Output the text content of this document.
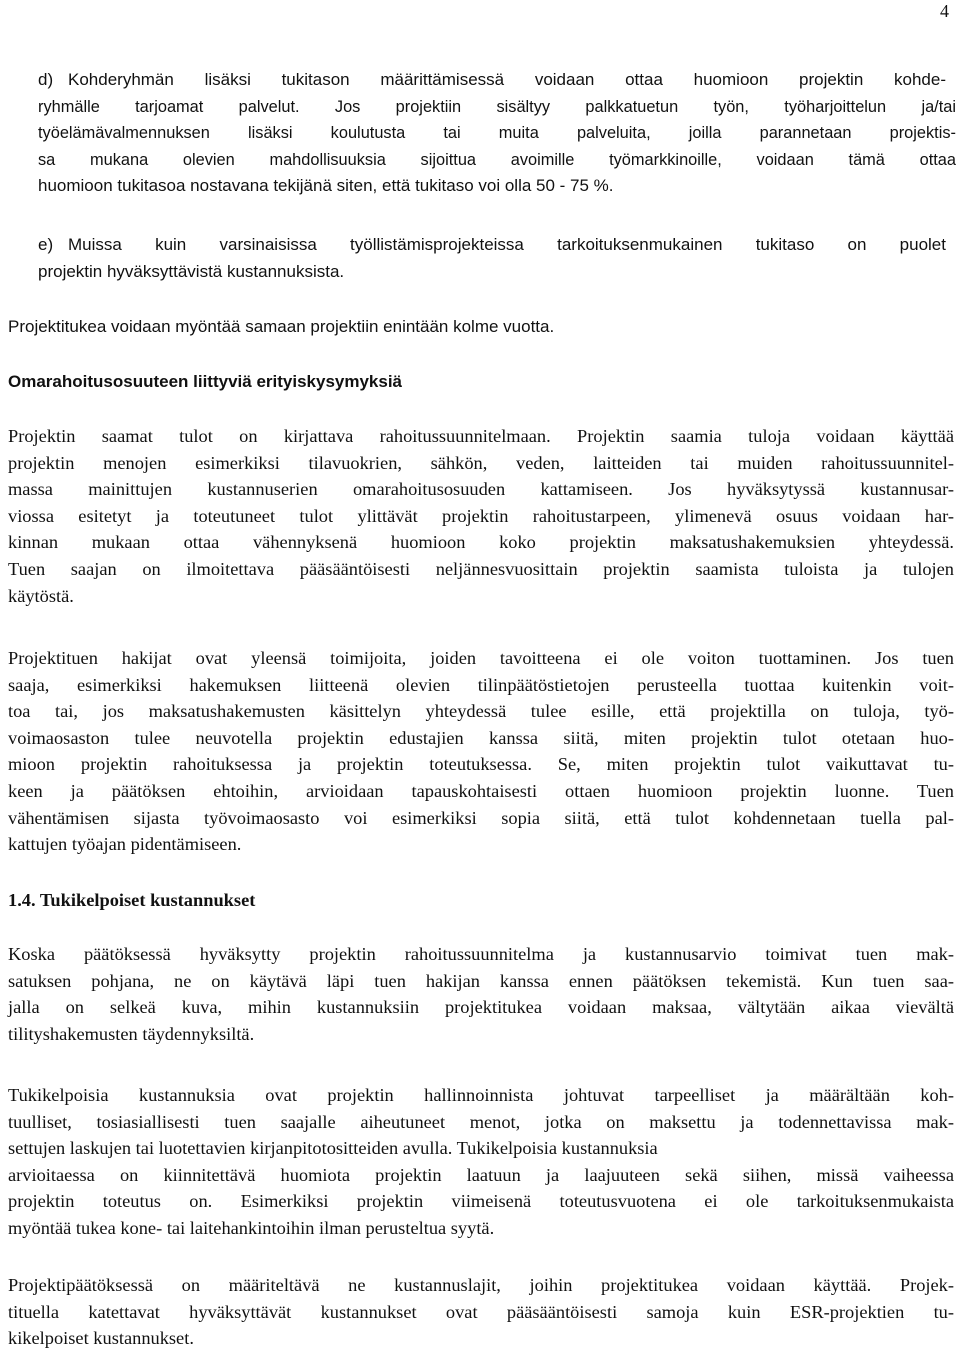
4
d) Kohderyhmän lisäksi tukitason määrittämisessä voidaan ottaa huomioon projektin kohde-
ryhmälle tarjoamat palvelut. Jos projektiin sisältyy palkkatuetun työn, työharjoittelun ja/tai
työelämävalmennuksen lisäksi koulutusta tai muita palveluita, joilla parannetaan projektis-
sa mukana olevien mahdollisuuksia sijoittua avoimille työmarkkinoille, voidaan tämä ottaa
huomioon tukitasoa nostavana tekijänä siten, että tukitaso voi olla 50 - 75 %.
e) Muissa kuin varsinaisissa työllistämisprojekteissa tarkoituksenmukainen tukitaso on puolet
projektin hyväksyttävistä kustannuksista.
Projektitukea voidaan myöntää samaan projektiin enintään kolme vuotta.
Omarahoitusosuuteen liittyviä erityiskysymyksiä
Projektin saamat tulot on kirjattava rahoitussuunnitelmaan. Projektin saamia tuloja voidaan käyttää
projektin menojen esimerkiksi tilavuokrien, sähkön, veden, laitteiden tai muiden rahoitussuunnitel-
massa mainittujen kustannuserien omarahoitusosuuden kattamiseen. Jos hyväksytyssä kustannusar-
viossa esitetyt ja toteutuneet tulot ylittävät projektin rahoitustarpeen, ylimenevä osuus voidaan har-
kinnan mukaan ottaa vähennyksenä huomioon koko projektin maksatushakemuksien yhteydessä.
Tuen saajan on ilmoitettava pääsääntöisesti neljännesvuosittain projektin saamista tuloista ja tulojen
käytöstä.
Projektituen hakijat ovat yleensä toimijoita, joiden tavoitteena ei ole voiton tuottaminen. Jos tuen
saaja, esimerkiksi hakemuksen liitteenä olevien tilinpäätöstietojen perusteella tuottaa kuitenkin voit-
toa tai, jos maksatushakemusten käsittelyn yhteydessä tulee esille, että projektilla on tuloja, työ-
voimaosaston tulee neuvotella projektin edustajien kanssa siitä, miten projektin tulot otetaan huo-
mioon projektin rahoituksessa ja projektin toteutuksessa. Se, miten projektin tulot vaikuttavat tu-
keen ja päätöksen ehtoihin, arvioidaan tapauskohtaisesti ottaen huomioon projektin luonne. Tuen
vähentämisen sijasta työvoimaosasto voi esimerkiksi sopia siitä, että tulot kohdennetaan tuella pal-
kattujen työajan pidentämiseen.
1.4. Tukikelpoiset kustannukset
Koska päätöksessä hyväksytty projektin rahoitussuunnitelma ja kustannusarvio toimivat tuen mak-
satuksen pohjana, ne on käytävä läpi tuen hakijan kanssa ennen päätöksen tekemistä. Kun tuen saa-
jalla on selkeä kuva, mihin kustannuksiin projektitukea voidaan maksaa, vältytään aikaa vievältä
tilityshakemusten täydennyksiltä.
Tukikelpoisia kustannuksia ovat projektin hallinnoinnista johtuvat tarpeelliset ja määrältään koh-
tuulliset, tosiasiallisesti tuen saajalle aiheutuneet menot, jotka on maksettu ja todennettavissa mak-
settujen laskujen tai luotettavien kirjanpitotositteiden avulla. Tukikelpoisia kustannuksia
arvioitaessa on kiinnitettävä huomiota projektin laatuun ja laajuuteen sekä siihen, missä vaiheessa
projektin toteutus on. Esimerkiksi projektin viimeisenä toteutusvuotena ei ole tarkoituksenmukaista
myöntää tukea kone- tai laitehankintoihin ilman perusteltua syytä.
Projektipäätöksessä on määriteltävä ne kustannuslajit, joihin projektitukea voidaan käyttää. Projek-
tituella katettavat hyväksyttävät kustannukset ovat pääsääntöisesti samoja kuin ESR-projektien tu-
kikelpoiset kustannukset.
